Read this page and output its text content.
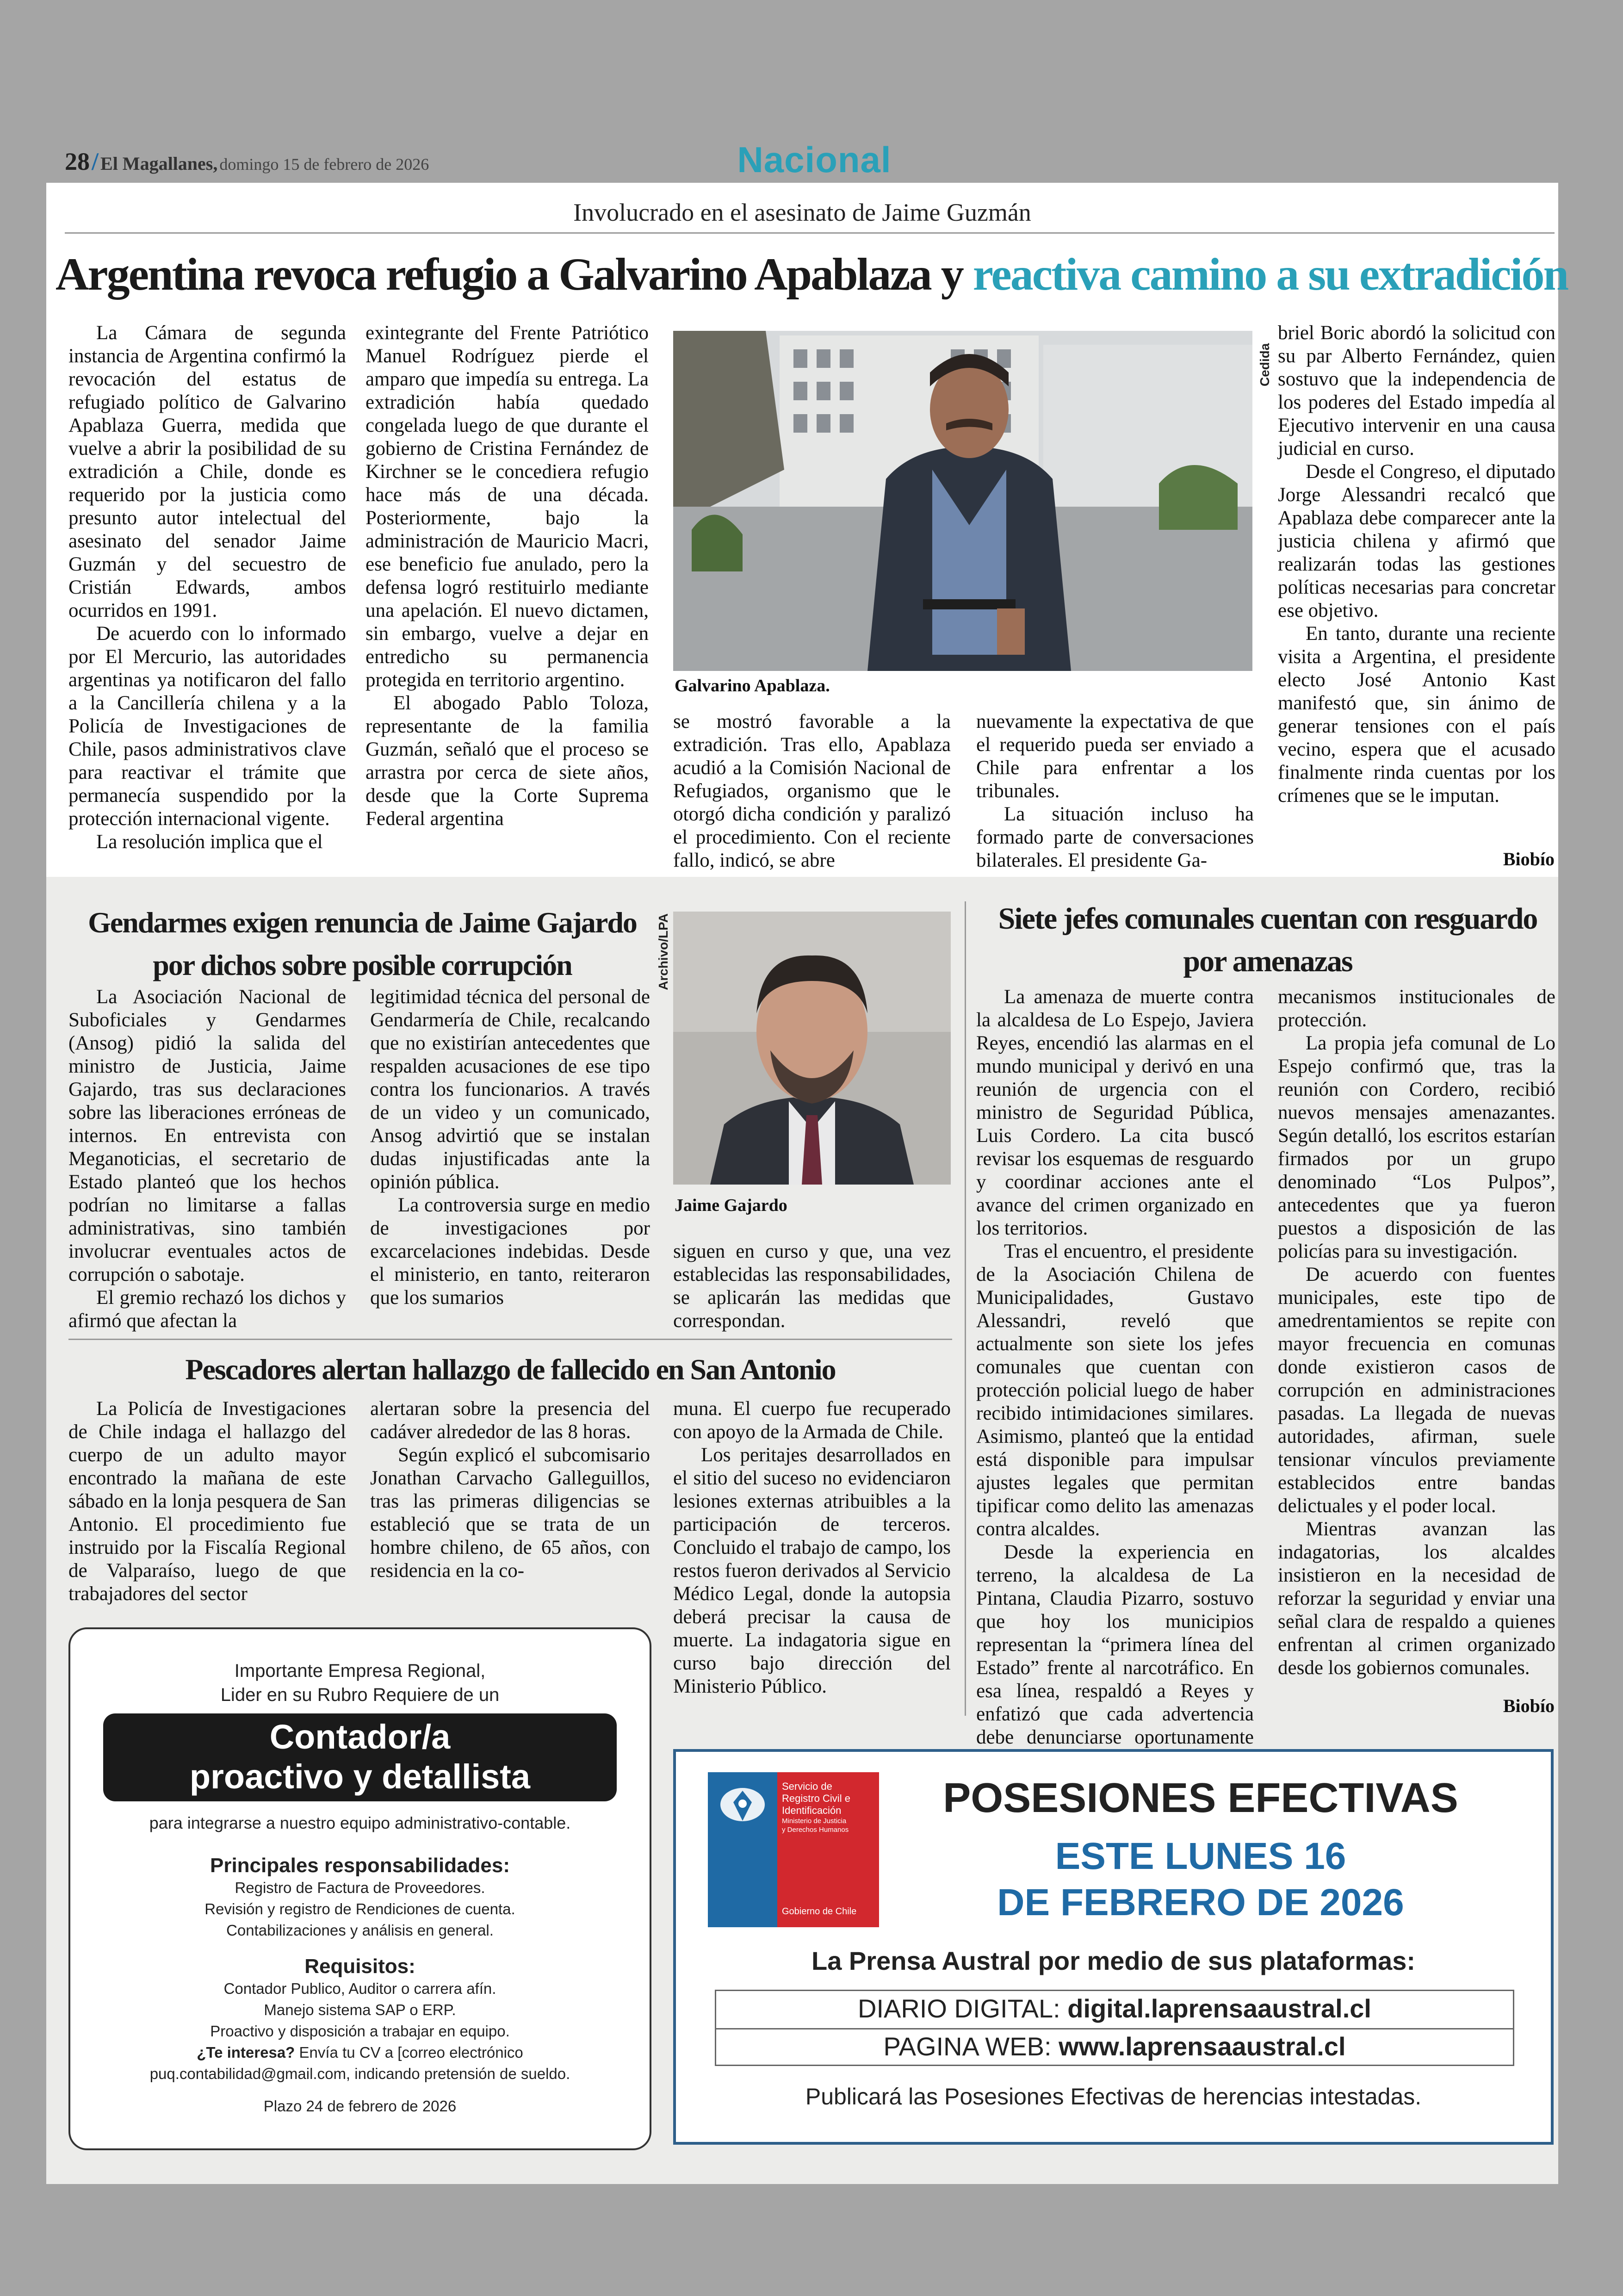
28 / El Magallanes, domingo 15 de febrero de 2026	Nacional
Involucrado en el asesinato de Jaime Guzmán
Argentina revoca refugio a Galvarino Apablaza y reactiva camino a su extradición

La Cámara de segunda instancia de Argentina confirmó la revocación del estatus de refugiado político de Galvarino Apablaza Guerra, medida que vuelve a abrir la posibilidad de su extradición a Chile, donde es requerido por la justicia como presunto autor intelectual del asesinato del senador Jaime Guzmán y del secuestro de Cristián Edwards, ambos ocurridos en 1991.

De acuerdo con lo informado por El Mercurio, las autoridades argentinas ya notificaron del fallo a la Cancillería chilena y a la Policía de Investigaciones de Chile, pasos administrativos clave para reactivar el trámite que permanecía suspendido por la protección internacional vigente.

La resolución implica que el

exintegrante del Frente Patriótico Manuel Rodríguez pierde el amparo que impedía su entrega. La extradición había quedado congelada luego de que durante el gobierno de Cristina Fernández de Kirchner se le concediera refugio hace más de una década. Posteriormente, bajo la administración de Mauricio Macri, ese beneficio fue anulado, pero la defensa logró restituirlo mediante una apelación. El nuevo dictamen, sin embargo, vuelve a dejar en entredicho su permanencia protegida en territorio argentino.

El abogado Pablo Toloza, representante de la familia Guzmán, señaló que el proceso se arrastra por cerca de siete años, desde que la Corte Suprema Federal argentina

Cedida
Galvarino Apablaza.

se mostró favorable a la extradición. Tras ello, Apablaza acudió a la Comisión Nacional de Refugiados, organismo que le otorgó dicha condición y paralizó el procedimiento. Con el reciente fallo, indicó, se abre

nuevamente la expectativa de que el requerido pueda ser enviado a Chile para enfrentar a los tribunales.

La situación incluso ha formado parte de conversaciones bilaterales. El presidente Ga-

briel Boric abordó la solicitud con su par Alberto Fernández, quien sostuvo que la independencia de los poderes del Estado impedía al Ejecutivo intervenir en una causa judicial en curso.

Desde el Congreso, el diputado Jorge Alessandri recalcó que Apablaza debe comparecer ante la justicia chilena y afirmó que realizarán todas las gestiones políticas necesarias para concretar ese objetivo.

En tanto, durante una reciente visita a Argentina, el presidente electo José Antonio Kast manifestó que, sin ánimo de generar tensiones con el país vecino, espera que el acusado finalmente rinda cuentas por los crímenes que se le imputan.

Biobío
Gendarmes exigen renuncia de Jaime Gajardo por dichos sobre posible corrupción

La Asociación Nacional de Suboficiales y Gendarmes (Ansog) pidió la salida del ministro de Justicia, Jaime Gajardo, tras sus declaraciones sobre las liberaciones erróneas de internos. En entrevista con Meganoticias, el secretario de Estado planteó que los hechos podrían no limitarse a fallas administrativas, sino también involucrar eventuales actos de corrupción o sabotaje.

El gremio rechazó los dichos y afirmó que afectan la

legitimidad técnica del personal de Gendarmería de Chile, recalcando que no existirían antecedentes que respalden acusaciones de ese tipo contra los funcionarios. A través de un video y un comunicado, Ansog advirtió que se instalan dudas injustificadas ante la opinión pública.

La controversia surge en medio de investigaciones por excarcelaciones indebidas. Desde el ministerio, en tanto, reiteraron que los sumarios

Archivo/LPA
Jaime Gajardo

siguen en curso y que, una vez establecidas las responsabilidades, se aplicarán las medidas que correspondan.

Pescadores alertan hallazgo de fallecido en San Antonio

La Policía de Investigaciones de Chile indaga el hallazgo del cuerpo de un adulto mayor encontrado la mañana de este sábado en la lonja pesquera de San Antonio. El procedimiento fue instruido por la Fiscalía Regional de Valparaíso, luego de que trabajadores del sector

alertaran sobre la presencia del cadáver alrededor de las 8 horas.

Según explicó el subcomisario Jonathan Carvacho Galleguillos, tras las primeras diligencias se estableció que se trata de un hombre chileno, de 65 años, con residencia en la co-

muna. El cuerpo fue recuperado con apoyo de la Armada de Chile.

Los peritajes desarrollados en el sitio del suceso no evidenciaron lesiones externas atribuibles a la participación de terceros. Concluido el trabajo de campo, los restos fueron derivados al Servicio Médico Legal, donde la autopsia deberá precisar la causa de muerte. La indagatoria sigue en curso bajo dirección del Ministerio Público.

Siete jefes comunales cuentan con resguardo por amenazas

La amenaza de muerte contra la alcaldesa de Lo Espejo, Javiera Reyes, encendió las alarmas en el mundo municipal y derivó en una reunión de urgencia con el ministro de Seguridad Pública, Luis Cordero. La cita buscó revisar los esquemas de resguardo y coordinar acciones ante el avance del crimen organizado en los territorios.

Tras el encuentro, el presidente de la Asociación Chilena de Municipalidades, Gustavo Alessandri, reveló que actualmente son siete los jefes comunales que cuentan con protección policial luego de haber recibido intimidaciones similares. Asimismo, planteó que la entidad está disponible para impulsar ajustes legales que permitan tipificar como delito las amenazas contra alcaldes.

Desde la experiencia en terreno, la alcaldesa de La Pintana, Claudia Pizarro, sostuvo que hoy los municipios representan la “primera línea del Estado” frente al narcotráfico. En esa línea, respaldó a Reyes y enfatizó que cada advertencia debe denunciarse oportunamente

mecanismos institucionales de protección.

La propia jefa comunal de Lo Espejo confirmó que, tras la reunión con Cordero, recibió nuevos mensajes amenazantes. Según detalló, los escritos estarían firmados por un grupo denominado “Los Pulpos”, antecedentes que ya fueron puestos a disposición de las policías para su investigación.

De acuerdo con fuentes municipales, este tipo de amedrentamientos se repite con mayor frecuencia en comunas donde existieron casos de corrupción en administraciones pasadas. La llegada de nuevas autoridades, afirman, suele tensionar vínculos previamente establecidos entre bandas delictuales y el poder local.

Mientras avanzan las indagatorias, los alcaldes insistieron en la necesidad de reforzar la seguridad y enviar una señal clara de respaldo a quienes enfrentan al crimen organizado desde los gobiernos comunales.

Biobío
Importante Empresa Regional,
Lider en su Rubro Requiere de un
Contador/a
proactivo y detallista
para integrarse a nuestro equipo administrativo-contable.
Principales responsabilidades:
Registro de Factura de Proveedores.
Revisión y registro de Rendiciones de cuenta.
Contabilizaciones y análisis en general.
Requisitos:
Contador Publico, Auditor o carrera afín.
Manejo sistema SAP o ERP.
Proactivo y disposición a trabajar en equipo.
¿Te interesa? Envía tu CV a [correo electrónico
puq.contabilidad@gmail.com, indicando pretensión de sueldo.
Plazo 24 de febrero de 2026
Servicio de
Registro Civil e
Identificación
Ministerio de Justicia
y Derechos Humanos
Gobierno de Chile
POSESIONES EFECTIVAS
ESTE LUNES 16
DE FEBRERO DE 2026
La Prensa Austral por medio de sus plataformas:
DIARIO DIGITAL: digital.laprensaaustral.cl
PAGINA WEB: www.laprensaaustral.cl
Publicará las Posesiones Efectivas de herencias intestadas.
